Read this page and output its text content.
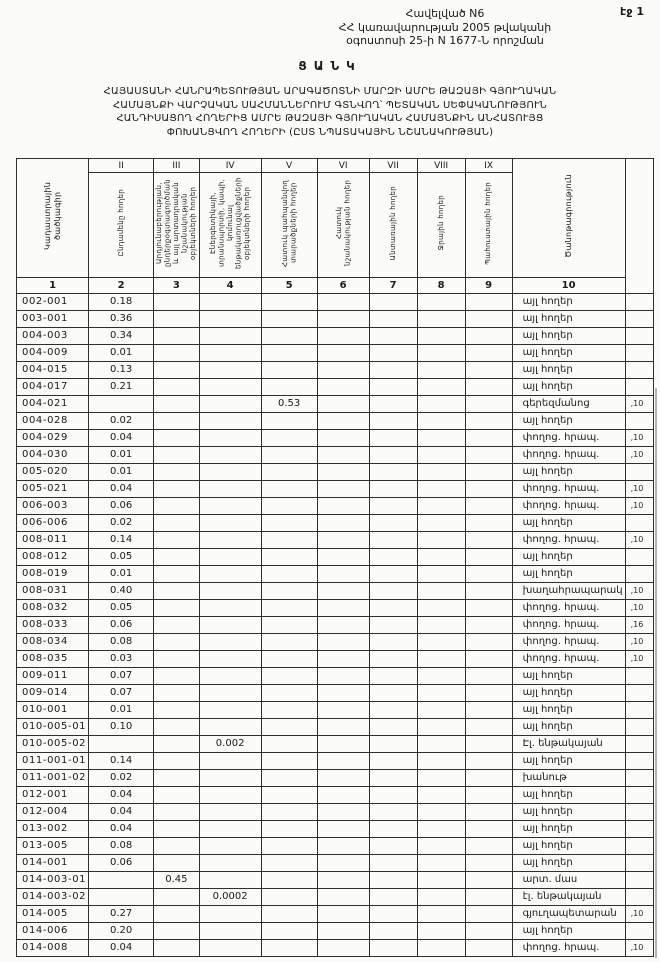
էջ 1
Հավելված N6
ՀՀ կառավարության 2005 թվականի
օգոստոսի 25-ի N 1677-Ն որոշման
ՑԱՆԿ
ՀԱՅԱՍՏԱՆԻ ՀԱՆՐԱՊԵՏՈՒԹՅԱՆ ԱՐԱԳԱԾՈՏՆԻ ՄԱՐԶԻ ԱՄՐԵ ԹԱԶԱՅԻ ԳՅՈՒՂԱԿԱՆ
ՀԱՄԱՅՆՔԻ ՎԱՐՉԱԿԱՆ ՍԱՀՄԱՆՆԵՐՈՒՄ ԳՏՆՎՈՂ՝ ՊԵՏԱԿԱՆ ՍԵՓԱԿԱՆՈՒԹՅՈՒՆ
ՀԱՆԴԻՍԱՑՈՂ ՀՈՂԵՐԻՑ ԱՄՐԵ ԹԱԶԱՅԻ ԳՅՈՒՂԱԿԱՆ ՀԱՄԱՅՆՔԻՆ ԱՆՀԱՏՈՒՅՑ
ՓՈԽԱՆՑՎՈՂ ՀՈՂԵՐԻ (ԸՍՏ ՆՊԱՏԱԿԱՅԻՆ ՆՇԱՆԱԿՈՒԹՅԱՆ)
Կադաստրային ծածկագիր	II	III	IV	V	VI	VII	VIII	IX	Ծանոթագրություն	
	Ընդամենը հողեր	Արդյունաբերության, ընդերքօգտագործման և այլ արտադրական նշանակության օբյեկտների հողեր	Էներգետիկայի, տրանսպորտի, կապի, կոմունալ ենթակառուցվածքների օբյեկտների հողեր	Հատուկ պահպանվող տարածքների հողեր	Հատուկ նշանակության հողեր	Անտառային հողեր	Ջրային հողեր	Պահուստային հողեր		
1	2	3	4	5	6	7	8	9	10	
002-001	0.18								այլ հողեր	
003-001	0.36								այլ հողեր	
004-003	0.34								այլ հողեր	
004-009	0.01								այլ հողեր	
004-015	0.13								այլ հողեր	
004-017	0.21								այլ հողեր	
004-021				0.53					գերեզմանոց	,10
004-028	0.02								այլ հողեր	
004-029	0.04								փողոց. հրապ.	,10
004-030	0.01								փողոց. հրապ.	,10
005-020	0.01								այլ հողեր	
005-021	0.04								փողոց. հրապ.	,10
006-003	0.06								փողոց. հրապ.	,10
006-006	0.02								այլ հողեր	
008-011	0.14								փողոց. հրապ.	,10
008-012	0.05								այլ հողեր	
008-019	0.01								այլ հողեր	
008-031	0.40								խաղահրապարակ	,10
008-032	0.05								փողոց. հրապ.	,10
008-033	0.06								փողոց. հրապ.	,16
008-034	0.08								փողոց. հրապ.	,10
008-035	0.03								փողոց. հրապ.	,10
009-011	0.07								այլ հողեր	
009-014	0.07								այլ հողեր	
010-001	0.01								այլ հողեր	
010-005-01	0.10								այլ հողեր	
010-005-02			0.002						Էլ. ենթակայան	
011-001-01	0.14								այլ հողեր	
011-001-02	0.02								խանութ	
012-001	0.04								այլ հողեր	
012-004	0.04								այլ հողեր	
013-002	0.04								այլ հողեր	
013-005	0.08								այլ հողեր	
014-001	0.06								այլ հողեր	
014-003-01		0.45							արտ. մաս	
014-003-02			0.0002						էլ. ենթակայան	
014-005	0.27								գյուղապետարան	,10
014-006	0.20								այլ հողեր	
014-008	0.04								փողոց. հրապ.	,10
